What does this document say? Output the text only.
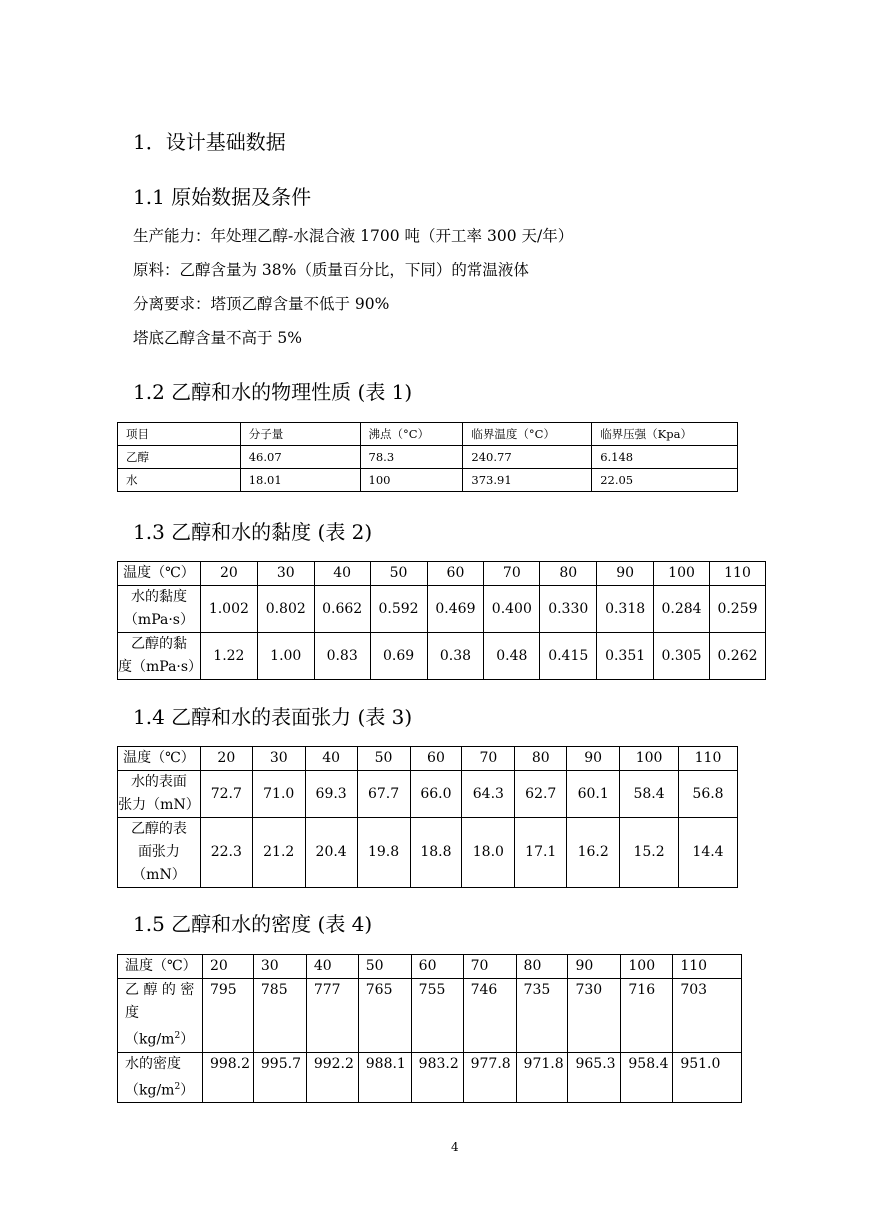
1．设计基础数据
1.1 原始数据及条件
生产能力：年处理乙醇-水混合液 1700 吨（开工率 300 天/年）
原料：乙醇含量为 38%（质量百分比，下同）的常温液体
分离要求：塔顶乙醇含量不低于 90%
塔底乙醇含量不高于 5%
1.2 乙醇和水的物理性质 (表 1)
项目	分子量	沸点（°C）	临界温度（°C）	临界压强（Kpa）
乙醇	46.07	78.3	240.77	6.148
水	18.01	100	373.91	22.05
1.3 乙醇和水的黏度 (表 2)
温度（℃）	20	30	40	50	60	70	80	90	100	110

水的黏度
（mPa·s）	1.002	0.802	0.662	0.592	0.469	0.400	0.330	0.318	0.284	0.259

乙醇的黏
度（mPa·s）	1.22	1.00	0.83	0.69	0.38	0.48	0.415	0.351	0.305	0.262
1.4 乙醇和水的表面张力 (表 3)
温度（℃）	20	30	40	50	60	70	80	90	100	110

水的表面
张力（mN）	72.7	71.0	69.3	67.7	66.0	64.3	62.7	60.1	58.4	56.8

乙醇的表
面张力
（mN）	22.3	21.2	20.4	19.8	18.8	18.0	17.1	16.2	15.2	14.4
1.5 乙醇和水的密度 (表 4)
温度（℃）	20	30	40	50	60	70	80	90	100	110

乙 醇 的 密
度
$(kg/m^2)$	795	785	777	765	755	746	735	730	716	703

水的密度
$(kg/m^2)$	998.2	995.7	992.2	988.1	983.2	977.8	971.8	965.3	958.4	951.0
4
